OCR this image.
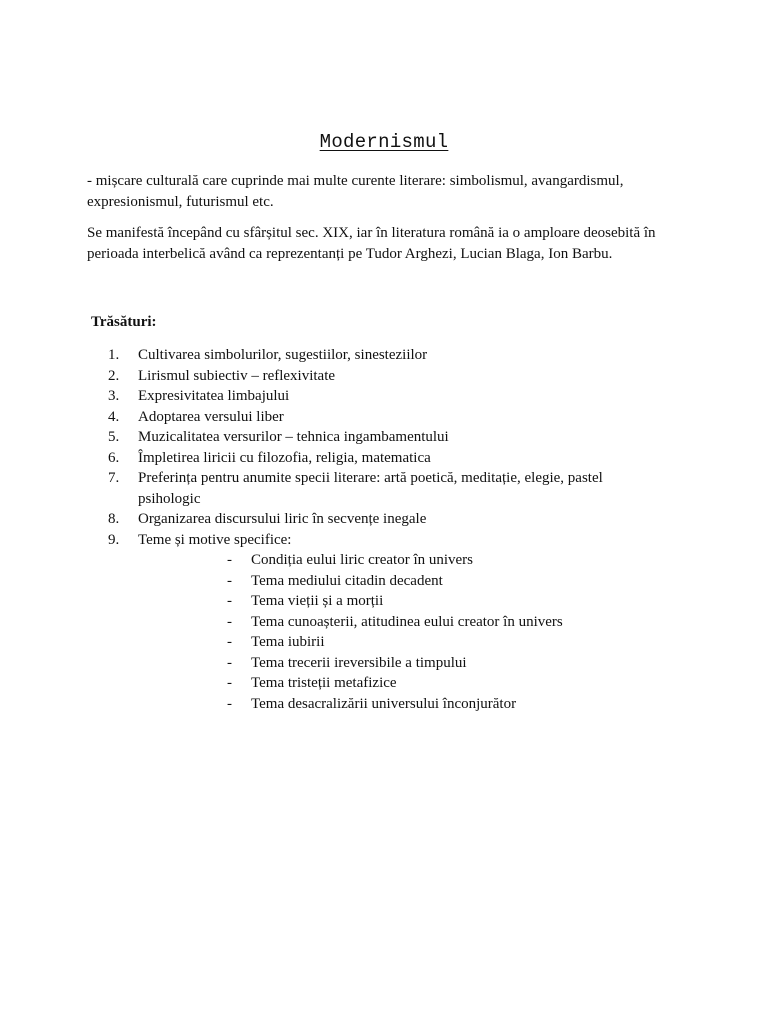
Modernismul

- mișcare culturală care cuprinde mai multe curente literare: simbolismul, avangardismul, expresionismul, futurismul etc.

Se manifestă începând cu sfârșitul sec. XIX, iar în literatura română ia o amploare deosebită în perioada interbelică având ca reprezentanți pe Tudor Arghezi, Lucian Blaga, Ion Barbu.

Trăsături:

1.	Cultivarea simbolurilor, sugestiilor, sinesteziilor
2.	Lirismul subiectiv – reflexivitate
3.	Expresivitatea limbajului
4.	Adoptarea versului liber
5.	Muzicalitatea versurilor – tehnica ingambamentului
6.	Împletirea liricii cu filozofia, religia, matematica
7.	Preferința pentru anumite specii literare: artă poetică, meditație, elegie, pastel psihologic
8.	Organizarea discursului liric în secvențe inegale
9.	Teme și motive specifice:
- Condiția eului liric creator în univers
- Tema mediului citadin decadent
- Tema vieții și a morții
- Tema cunoașterii, atitudinea eului creator în univers
- Tema iubirii
- Tema trecerii ireversibile a timpului
- Tema tristeții metafizice
- Tema desacralizării universului înconjurător
